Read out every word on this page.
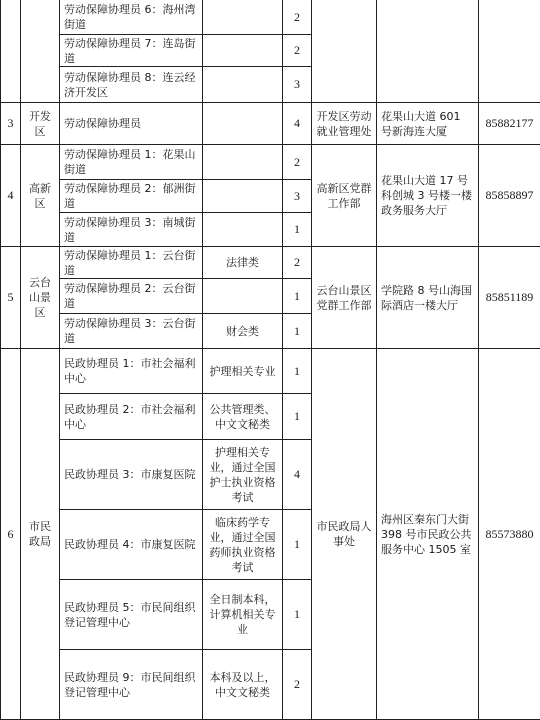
		劳动保障协理员 6：海州湾街道		2			
		劳动保障协理员 7：连岛街道		2			
		劳动保障协理员 8：连云经济开发区		3			
3	开发区	劳动保障协理员		4	开发区劳动就业管理处	花果山大道 601 号新海连大厦	85882177
4	高新区	劳动保障协理员 1：花果山街道		2	高新区党群工作部	花果山大道 17 号科创城 3 号楼一楼政务服务大厅	85858897
		劳动保障协理员 2：郁洲街道		3			
		劳动保障协理员 3：南城街道		1			
5	云台山景区	劳动保障协理员 1：云台街道	法律类	2	云台山景区党群工作部	学院路 8 号山海国际酒店一楼大厅	85851189
		劳动保障协理员 2：云台街道		1			
		劳动保障协理员 3：云台街道	财会类	1			
6	市民政局	民政协理员 1：市社会福利中心	护理相关专业	1	市民政局人事处	海州区秦东门大街 398 号市民政公共服务中心 1505 室	85573880
		民政协理员 2：市社会福利中心	公共管理类、中文文秘类	1			
		民政协理员 3：市康复医院	护理相关专业，通过全国护士执业资格考试	4			
		民政协理员 4：市康复医院	临床药学专业，通过全国药师执业资格考试	1			
		民政协理员 5：市民间组织登记管理中心	全日制本科，计算机相关专业	1			
		民政协理员 9：市民间组织登记管理中心	本科及以上，中文文秘类	2			
